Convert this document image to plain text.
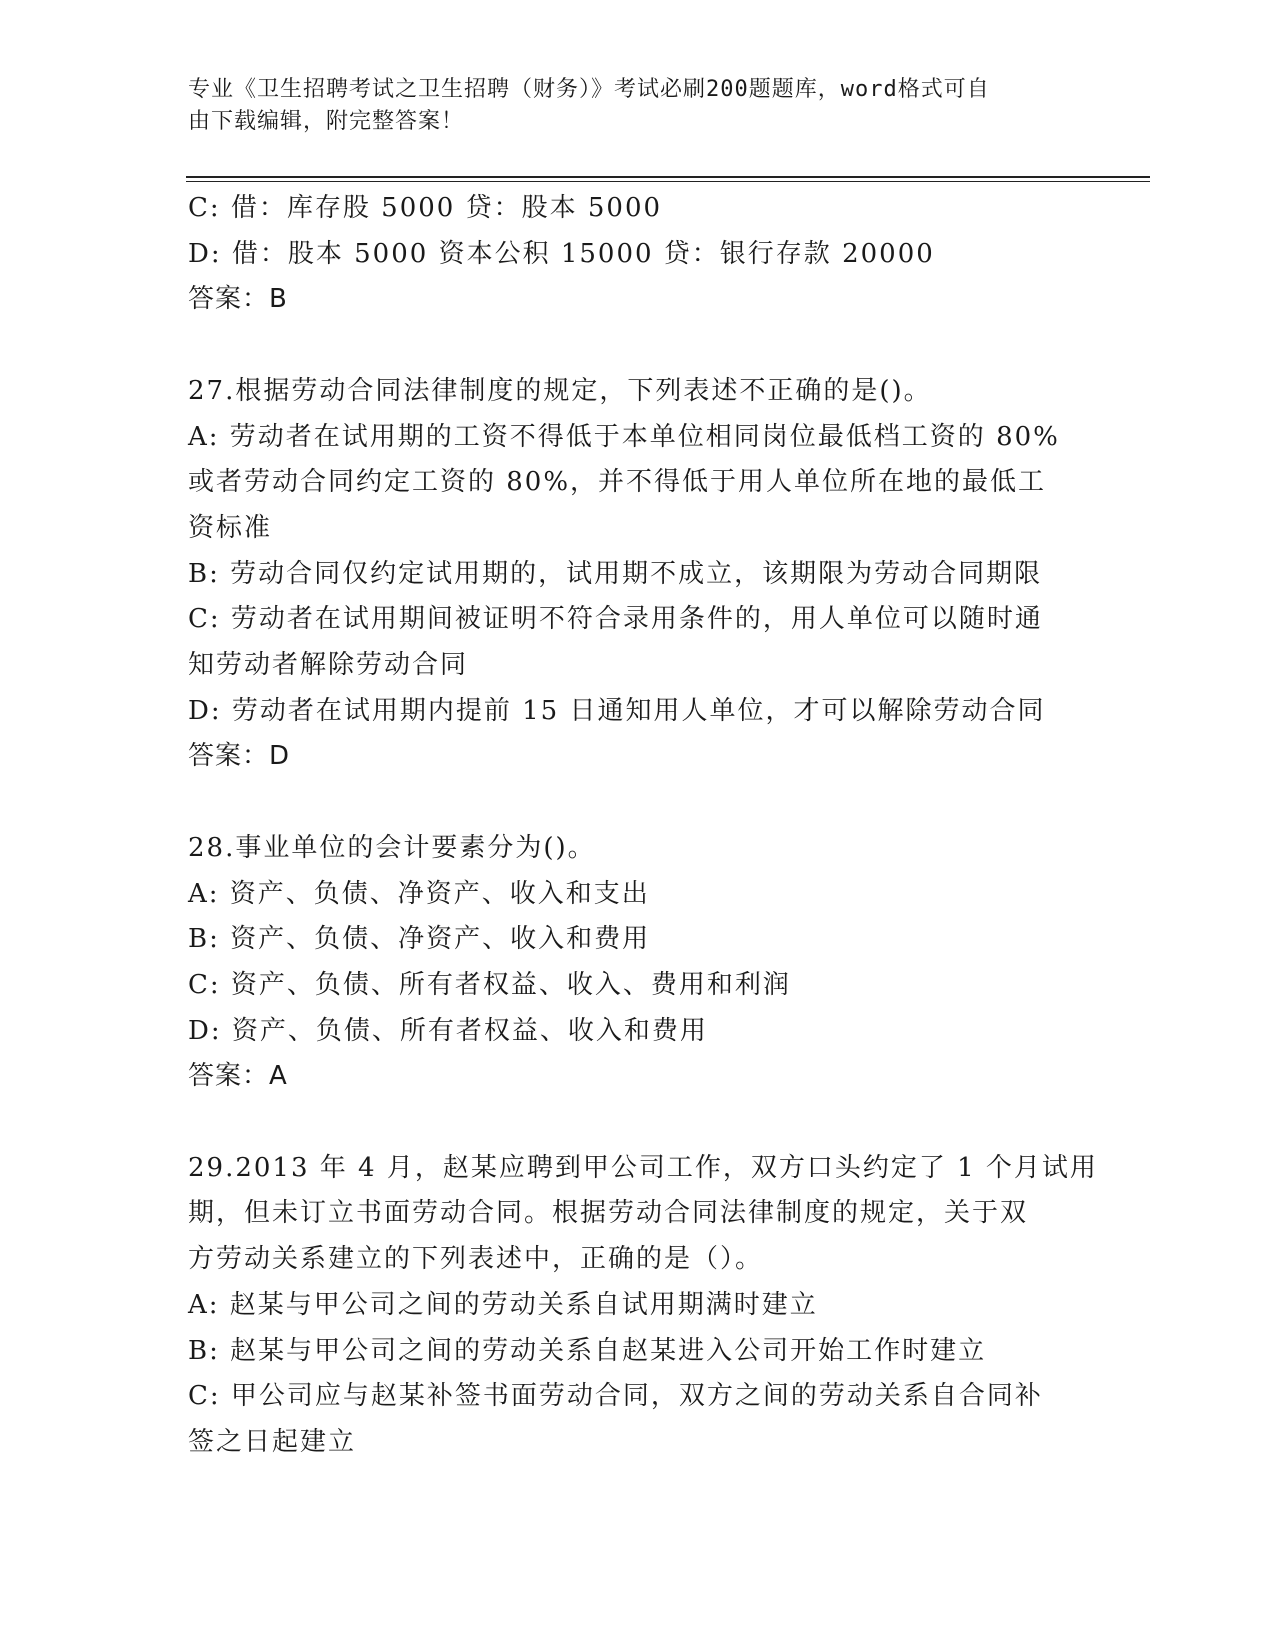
专业《卫生招聘考试之卫生招聘（财务）》考试必刷200题题库，word格式可自
由下载编辑，附完整答案！
C: 借：库存股 5000 贷：股本 5000
D: 借：股本 5000 资本公积 15000 贷：银行存款 20000
答案：B
27.根据劳动合同法律制度的规定，下列表述不正确的是()。
A: 劳动者在试用期的工资不得低于本单位相同岗位最低档工资的 80%
或者劳动合同约定工资的 80%，并不得低于用人单位所在地的最低工
资标准
B: 劳动合同仅约定试用期的，试用期不成立，该期限为劳动合同期限
C: 劳动者在试用期间被证明不符合录用条件的，用人单位可以随时通
知劳动者解除劳动合同
D: 劳动者在试用期内提前 15 日通知用人单位，才可以解除劳动合同
答案：D
28.事业单位的会计要素分为()。
A: 资产、负债、净资产、收入和支出
B: 资产、负债、净资产、收入和费用
C: 资产、负债、所有者权益、收入、费用和利润
D: 资产、负债、所有者权益、收入和费用
答案：A
29.2013 年 4 月，赵某应聘到甲公司工作，双方口头约定了 1 个月试用
期，但未订立书面劳动合同。根据劳动合同法律制度的规定，关于双
方劳动关系建立的下列表述中，正确的是（）。
A: 赵某与甲公司之间的劳动关系自试用期满时建立
B: 赵某与甲公司之间的劳动关系自赵某进入公司开始工作时建立
C: 甲公司应与赵某补签书面劳动合同，双方之间的劳动关系自合同补
签之日起建立
